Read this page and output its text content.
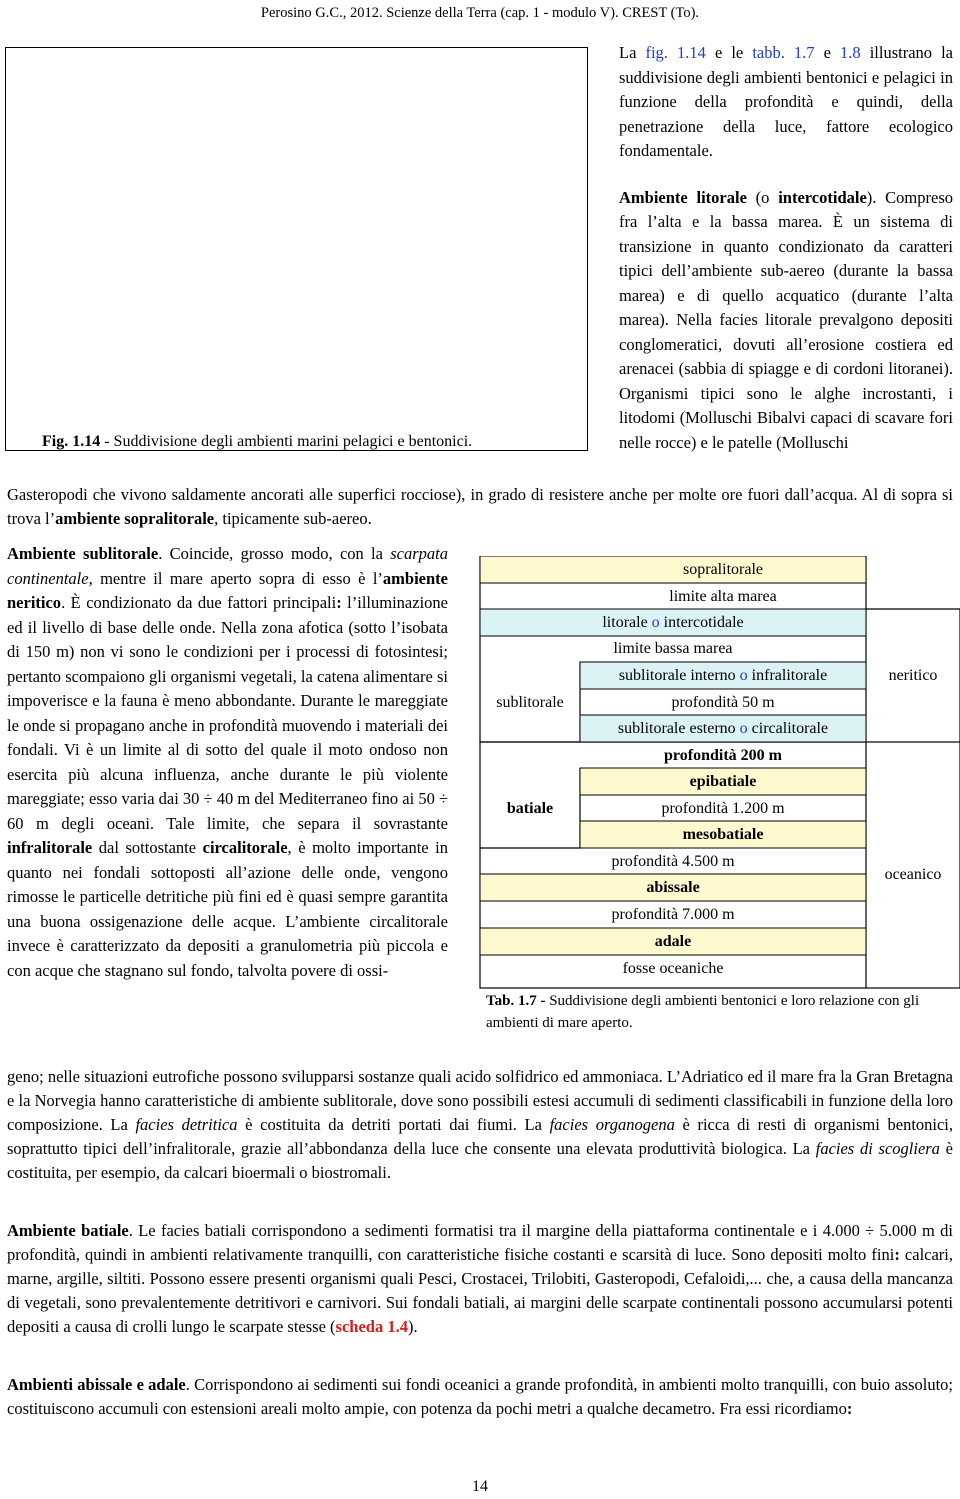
Perosino G.C., 2012. Scienze della Terra (cap. 1 - modulo V). CREST (To).
Fig. 1.14 - Suddivisione degli ambienti marini pelagici e bentonici.

La fig. 1.14 e le tabb. 1.7 e 1.8 illustrano la suddivisione degli ambienti bentonici e pelagici in funzione della profondità e quindi, della penetrazione della luce, fattore ecologico fondamentale.

Ambiente litorale (o intercotidale). Compreso fra l’alta e la bassa marea. È un sistema di transizione in quanto condizionato da caratteri tipici dell’ambiente sub-aereo (durante la bassa marea) e di quello acquatico (durante l’alta marea). Nella facies litorale prevalgono depositi conglomeratici, dovuti all’erosione costiera ed arenacei (sabbia di spiagge e di cordoni litoranei). Organismi tipici sono le alghe incrostanti, i litodomi (Molluschi Bibalvi capaci di scavare fori nelle rocce) e le patelle (Molluschi

Gasteropodi che vivono saldamente ancorati alle superfici rocciose), in grado di resistere anche per molte ore fuori dall’acqua. Al di sopra si trova l’ambiente sopralitorale, tipicamente sub-aereo.
Ambiente sublitorale. Coincide, grosso modo, con la scarpata continentale, mentre il mare aperto sopra di esso è l’ambiente neritico. È condizionato da due fattori principali: l’illuminazione ed il livello di base delle onde. Nella zona afotica (sotto l’isobata di 150 m) non vi sono le condizioni per i processi di fotosintesi; pertanto scompaiono gli organismi vegetali, la catena alimentare si impoverisce e la fauna è meno abbondante. Durante le mareggiate le onde si propagano anche in profondità muovendo i materiali dei fondali. Vi è un limite al di sotto del quale il moto ondoso non esercita più alcuna influenza, anche durante le più violente mareggiate; esso varia dai 30 ÷ 40 m del Mediterraneo fino ai 50 ÷ 60 m degli oceani. Tale limite, che separa il sovrastante infralitorale dal sottostante circalitorale, è molto importante in quanto nei fondali sottoposti all’azione delle onde, vengono rimosse le particelle detritiche più fini ed è quasi sempre garantita una buona ossigenazione delle acque. L’ambiente circalitorale invece è caratterizzato da depositi a granulometria più piccola e con acque che stagnano sul fondo, talvolta povere di ossi-
sopralitorale
limite alta marea
litorale o intercotidale
limite bassa marea
sublitorale interno o infralitorale
profondità 50 m
sublitorale esterno o circalitorale
profondità 200 m
epibatiale
profondità 1.200 m
mesobatiale
profondità 4.500 m
abissale
profondità 7.000 m
adale
fosse oceaniche
sublitorale
batiale
neritico
oceanico
Tab. 1.7 - Suddivisione degli ambienti bentonici e loro relazione con gli ambienti di mare aperto.
geno; nelle situazioni eutrofiche possono svilupparsi sostanze quali acido solfidrico ed ammoniaca. L’Adriatico ed il mare fra la Gran Bretagna e la Norvegia hanno caratteristiche di ambiente sublitorale, dove sono possibili estesi accumuli di sedimenti classificabili in funzione della loro composizione. La facies detritica è costituita da detriti portati dai fiumi. La facies organogena è ricca di resti di organismi bentonici, soprattutto tipici dell’infralitorale, grazie all’abbondanza della luce che consente una elevata produttività biologica. La facies di scogliera è costituita, per esempio, da calcari bioermali o biostromali.
Ambiente batiale. Le facies batiali corrispondono a sedimenti formatisi tra il margine della piattaforma continentale e i 4.000 ÷ 5.000 m di profondità, quindi in ambienti relativamente tranquilli, con caratteristiche fisiche costanti e scarsità di luce. Sono depositi molto fini: calcari, marne, argille, siltiti. Possono essere presenti organismi quali Pesci, Crostacei, Trilobiti, Gasteropodi, Cefaloidi,... che, a causa della mancanza di vegetali, sono prevalentemente detritivori e carnivori. Sui fondali batiali, ai margini delle scarpate continentali possono accumularsi potenti depositi a causa di crolli lungo le scarpate stesse (scheda 1.4).
Ambienti abissale e adale. Corrispondono ai sedimenti sui fondi oceanici a grande profondità, in ambienti molto tranquilli, con buio assoluto; costituiscono accumuli con estensioni areali molto ampie, con potenza da pochi metri a qualche decametro. Fra essi ricordiamo:
14
